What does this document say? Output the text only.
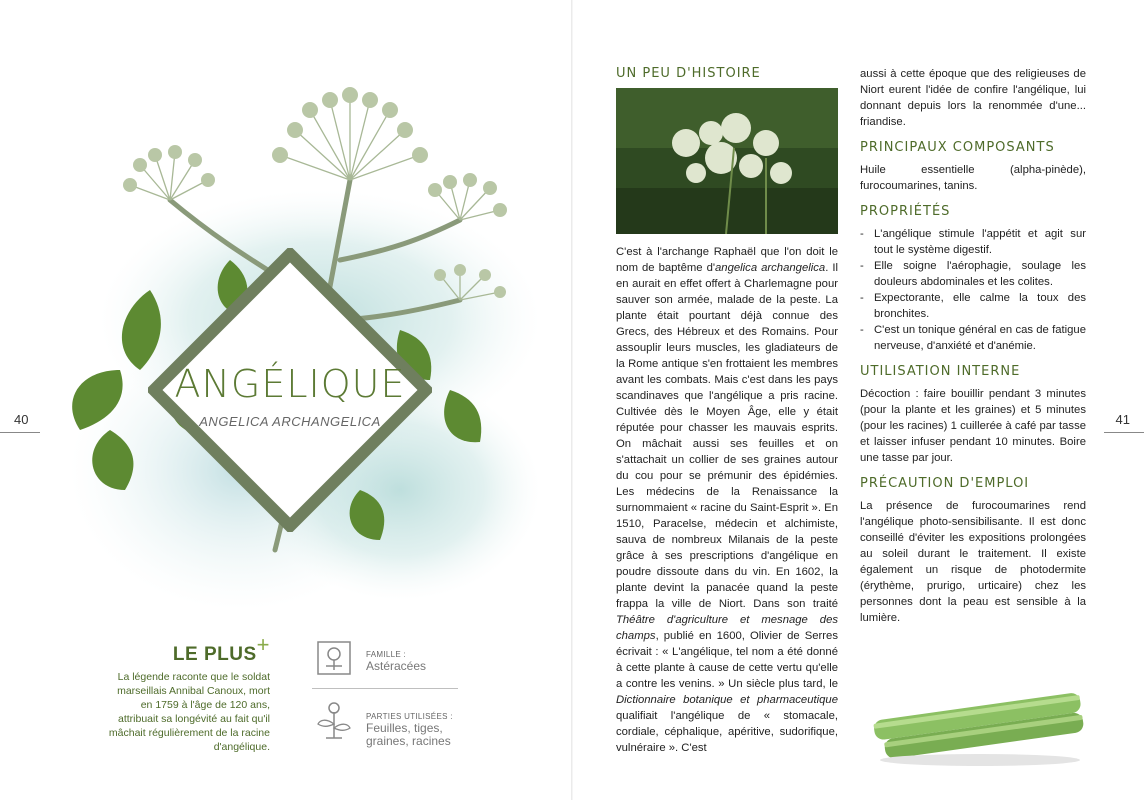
ANGÉLIQUE
ANGELICA ARCHANGELICA
40
LE PLUS+

La légende raconte que le soldat marseillais Annibal Canoux, mort en 1759 à l'âge de 120 ans, attribuait sa longévité au fait qu'il mâchait régulièrement de la racine d'angélique.

FAMILLE :
Astéracées
PARTIES UTILISÉES :
Feuilles, tiges, graines, racines
UN PEU D'HISTOIRE

C'est à l'archange Raphaël que l'on doit le nom de baptême d'angelica archangelica. Il en aurait en effet offert à Charlemagne pour sauver son armée, malade de la peste. La plante était pourtant déjà connue des Grecs, des Hébreux et des Romains. Pour assouplir leurs muscles, les gladiateurs de la Rome antique s'en frottaient les membres avant les combats. Mais c'est dans les pays scandinaves que l'angélique a pris racine. Cultivée dès le Moyen Âge, elle y était réputée pour chasser les mauvais esprits. On mâchait aussi ses feuilles et on s'attachait un collier de ses graines autour du cou pour se prémunir des épidémies. Les médecins de la Renaissance la surnommaient « racine du Saint-Esprit ». En 1510, Paracelse, médecin et alchimiste, sauva de nombreux Milanais de la peste grâce à ses prescriptions d'angélique en poudre dissoute dans du vin. En 1602, la plante devint la panacée quand la peste frappa la ville de Niort. Dans son traité Théâtre d'agriculture et mesnage des champs, publié en 1600, Olivier de Serres écrivait : « L'angélique, tel nom a été donné à cette plante à cause de cette vertu qu'elle a contre les venins. » Un siècle plus tard, le Dictionnaire botanique et pharmaceutique qualifiait l'angélique de « stomacale, cordiale, céphalique, apéritive, sudorifique, vulnéraire ». C'est

aussi à cette époque que des religieuses de Niort eurent l'idée de confire l'angélique, lui donnant depuis lors la renommée d'une... friandise.

PRINCIPAUX COMPOSANTS

Huile essentielle (alpha-pinède), furocoumarines, tanins.

PROPRIÉTÉS
- L'angélique stimule l'appétit et agit sur tout le système digestif.
- Elle soigne l'aérophagie, soulage les douleurs abdominales et les colites.
- Expectorante, elle calme la toux des bronchites.
- C'est un tonique général en cas de fatigue nerveuse, d'anxiété et d'anémie.
UTILISATION INTERNE

Décoction : faire bouillir pendant 3 minutes (pour la plante et les graines) et 5 minutes (pour les racines) 1 cuillerée à café par tasse et laisser infuser pendant 10 minutes. Boire une tasse par jour.

PRÉCAUTION D'EMPLOI

La présence de furocoumarines rend l'angélique photo-sensibilisante. Il est donc conseillé d'éviter les expositions prolongées au soleil durant le traitement. Il existe également un risque de photodermite (érythème, prurigo, urticaire) chez les personnes dont la peau est sensible à la lumière.

41
